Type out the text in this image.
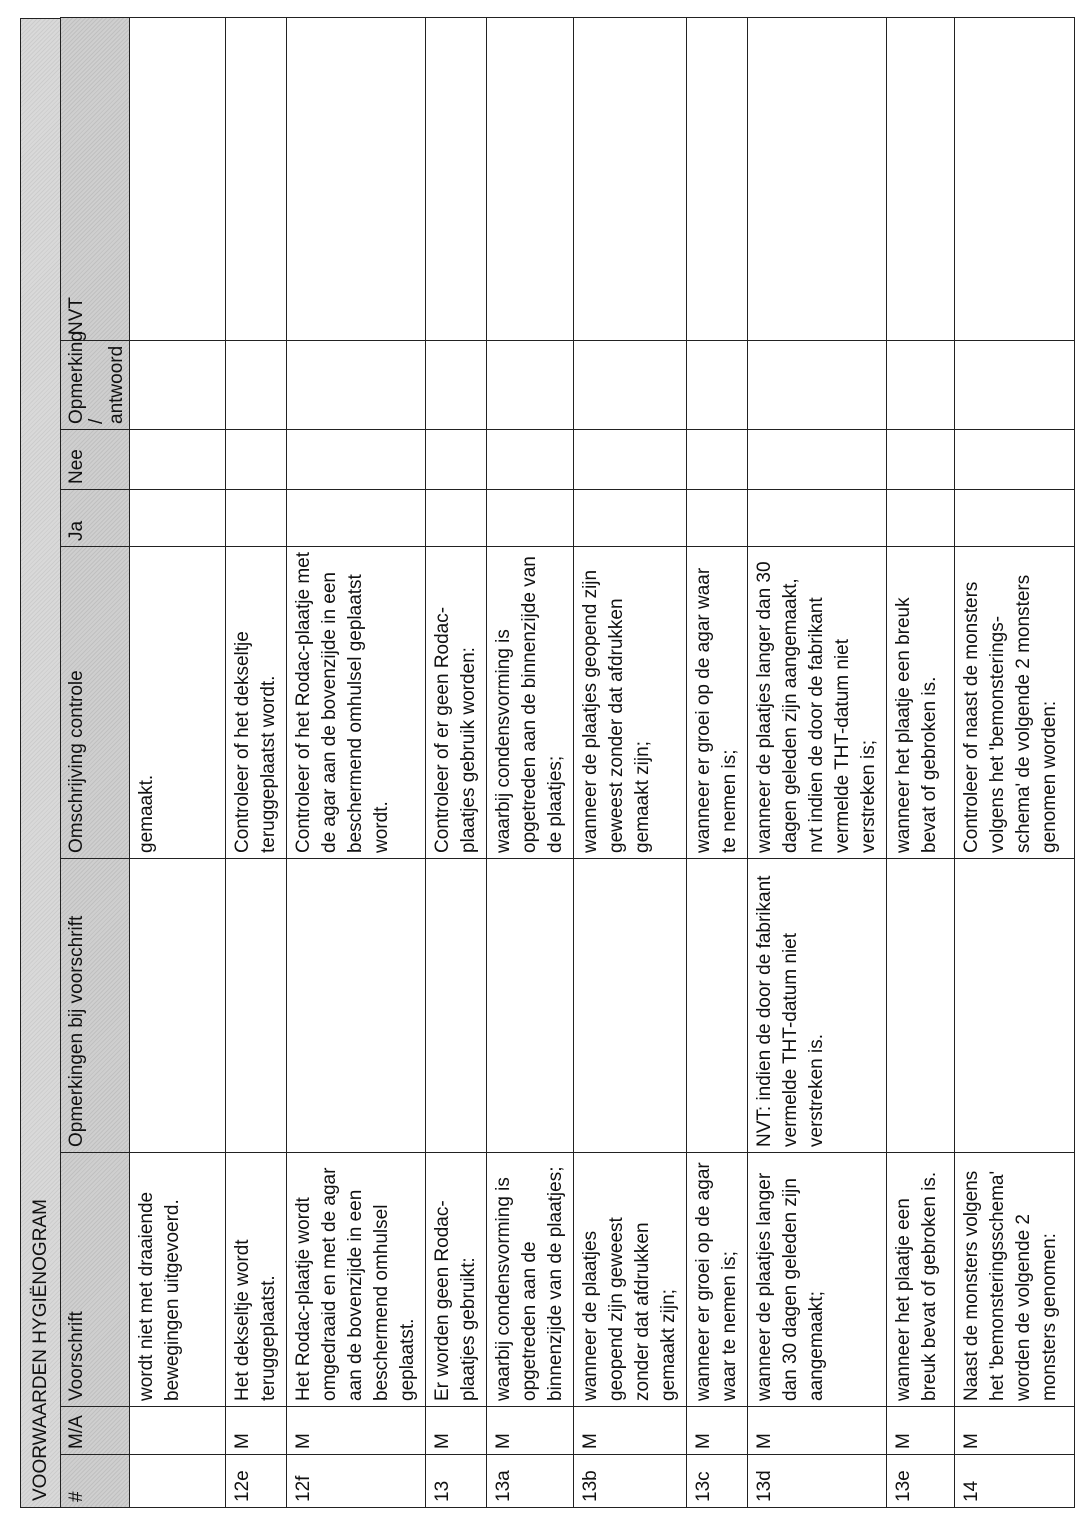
VOORWAARDEN HYGIËNOGRAM #	M/A	Voorschrift	Opmerkingen bij voorschrift	Omschrijving controle	Ja	Nee	Opmerking / antwoord	NVT
		wordt niet met draaiende bewegingen uitgevoerd.		gemaakt.				
12e	M	Het dekseltje wordt teruggeplaatst.		Controleer of het dekseltje teruggeplaatst wordt.				
12f	M	Het Rodac-plaatje wordt omgedraaid en met de agar aan de bovenzijde in een beschermend omhulsel geplaatst.		Controleer of het Rodac-plaatje met de agar aan de bovenzijde in een beschermend omhulsel geplaatst wordt.				
13	M	Er worden geen Rodac-plaatjes gebruikt:		Controleer of er geen Rodac-plaatjes gebruik worden:				
13a	M	waarbij condensvorming is opgetreden aan de binnenzijde van de plaatjes;		waarbij condensvorming is opgetreden aan de binnenzijde van de plaatjes;				
13b	M	wanneer de plaatjes geopend zijn geweest zonder dat afdrukken gemaakt zijn;		wanneer de plaatjes geopend zijn geweest zonder dat afdrukken gemaakt zijn;				
13c	M	wanneer er groei op de agar waar te nemen is;		wanneer er groei op de agar waar te nemen is;				
13d	M	wanneer de plaatjes langer dan 30 dagen geleden zijn aangemaakt;	NVT: indien de door de fabrikant vermelde THT-datum niet verstreken is.	wanneer de plaatjes langer dan 30 dagen geleden zijn aangemaakt, nvt indien de door de fabrikant vermelde THT-datum niet verstreken is;				
13e	M	wanneer het plaatje een breuk bevat of gebroken is.		wanneer het plaatje een breuk bevat of gebroken is.				
14	M	Naast de monsters volgens het 'bemonsteringsschema' worden de volgende 2 monsters genomen:		Controleer of naast de monsters volgens het 'bemonsterings-schema' de volgende 2 monsters genomen worden:				
